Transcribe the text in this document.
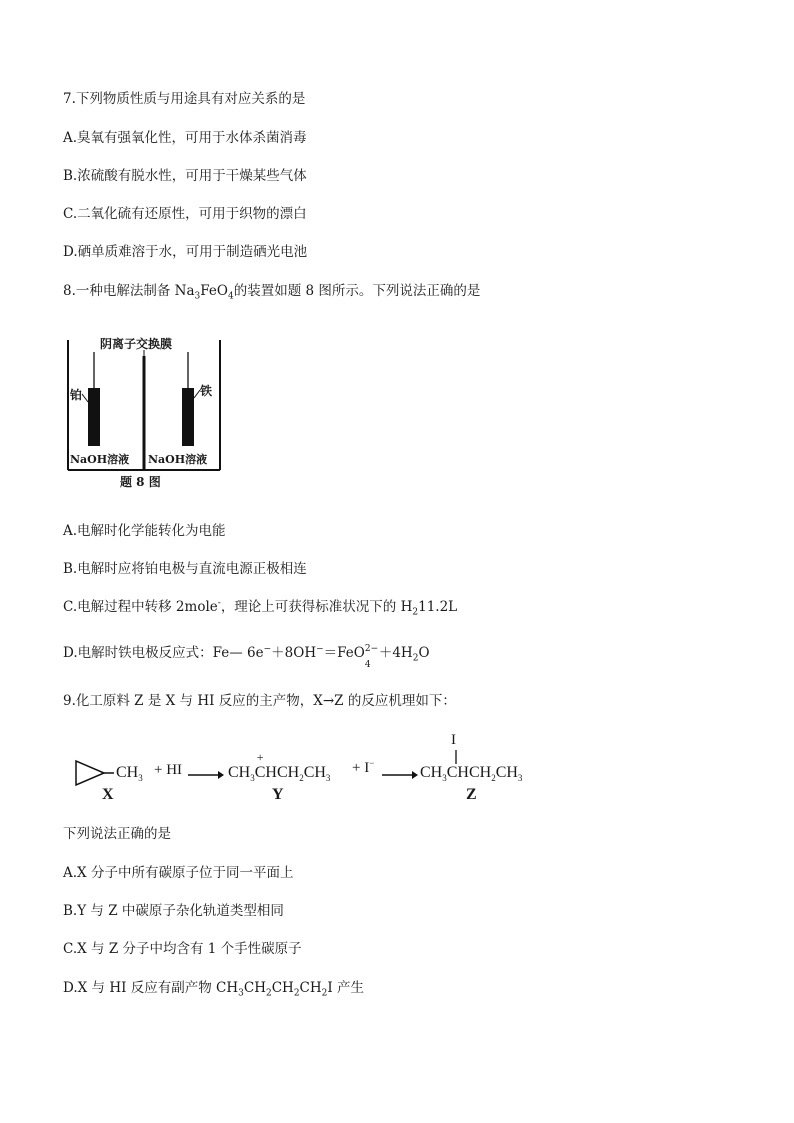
7.下列物质性质与用途具有对应关系的是
A.臭氧有强氧化性，可用于水体杀菌消毒
B.浓硫酸有脱水性，可用于干燥某些气体
C.二氧化硫有还原性，可用于织物的漂白
D.硒单质难溶于水，可用于制造硒光电池
8.一种电解法制备 $Na_3FeO_4$的装置如题 8 图所示。下列说法正确的是
阴离子交换膜
铂	铁
NaOH溶液 NaOH溶液
题 8 图
A.电解时化学能转化为电能
B.电解时应将铂电极与直流电源正极相连
C.电解过程中转移 2mole-，理论上可获得标准状况下的 $H_211.2L$
D.电解时铁电极反应式：Fe— 6e−＋8OH−＝FeO 2−
4
$+4H_2O$
9.化工原料 Z 是 X 与 HI 反应的主产物，X→Z 的反应机理如下：
$CH_3$
+ HI	$CH_3$
+
$CHCH_2CH_3$
+ I−
$CH_3CHCH_2CH_3$
I
X	Y	Z
下列说法正确的是
A.X 分子中所有碳原子位于同一平面上
B.Y 与 Z 中碳原子杂化轨道类型相同
C.X 与 Z 分子中均含有 1 个手性碳原子
D.X 与 HI 反应有副产物 $CH_3CH_2CH_2CH_2I$ 产生
